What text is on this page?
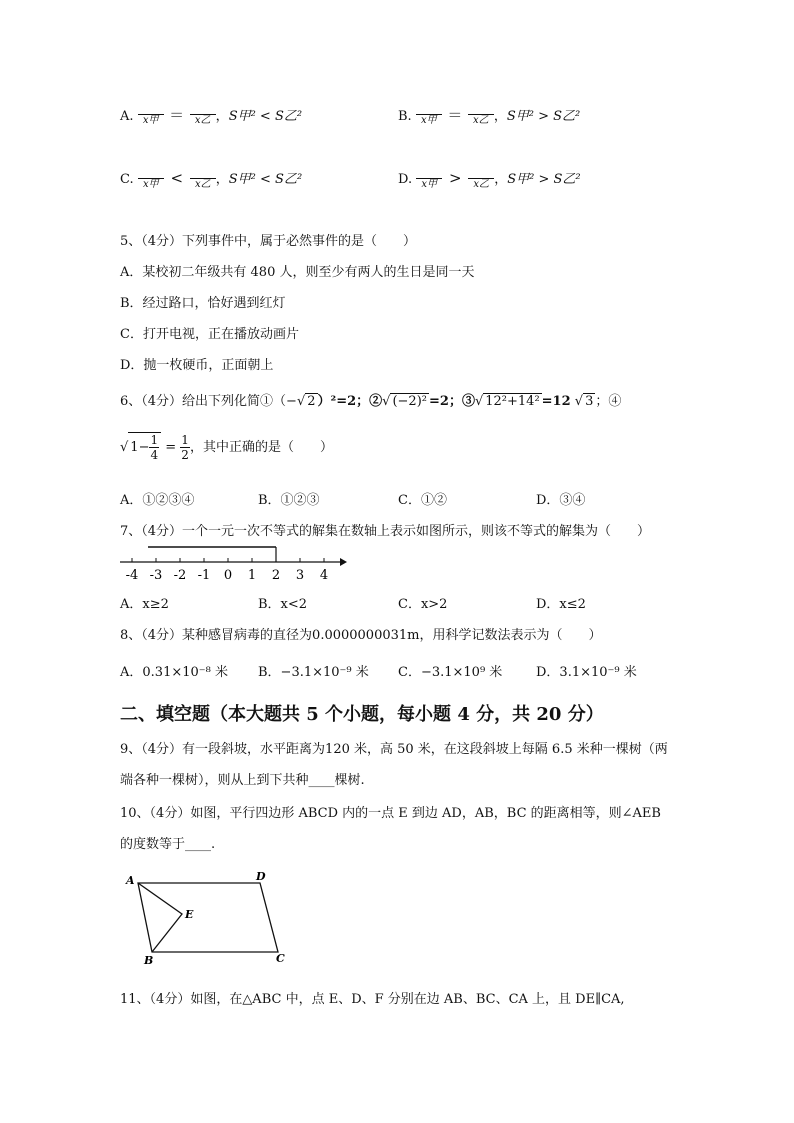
A. x甲 ＝	x乙 ，S甲² < S乙²	B. x甲 ＝	x乙 ，S甲² > S乙²
C. x甲 <	x乙 ，S甲² < S乙²	D. x甲 >	x乙 ，S甲² > S乙²
5、（4分）下列事件中，属于必然事件的是（　　）
A．某校初二年级共有 480 人，则至少有两人的生日是同一天
B．经过路口，恰好遇到红灯
C．打开电视，正在播放动画片
D．抛一枚硬币，正面朝上
6、（4分）给出下列化简①（−√ 2 ）²=2；②√ (−2)² =2；③√ 12²+14² =12 √ 3 ；④
√ $1- \frac{1}{4} = \frac{1}{2}$ ，其中正确的是（　　）
A．①②③④	B．①②③	C．①②	D．③④
7、（4分）一个一元一次不等式的解集在数轴上表示如图所示，则该不等式的解集为（　　）
-4 -3 -2 -1 0 1 2 3 4
A．x≥2	B．x<2	C．x>2	D．x≤2
8、（4分）某种感冒病毒的直径为0.0000000031m，用科学记数法表示为（　　）
A．0.31×10⁻⁸ 米 B．−3.1×10⁻⁹ 米 C．−3.1×10⁹ 米	D．3.1×10⁻⁹ 米
二、填空题（本大题共 5 个小题，每小题 4 分，共 20 分）
9、（4分）有一段斜坡，水平距离为120 米，高 50 米，在这段斜坡上每隔 6.5 米种一棵树（两
端各种一棵树），则从上到下共种____棵树.
10、（4分）如图，平行四边形 ABCD 内的一点 E 到边 AD，AB，BC 的距离相等，则∠AEB
的度数等于____.
A	D
E
B	C
11、（4分）如图，在△ABC 中，点 E、D、F 分别在边 AB、BC、CA 上，且 DE∥CA,
